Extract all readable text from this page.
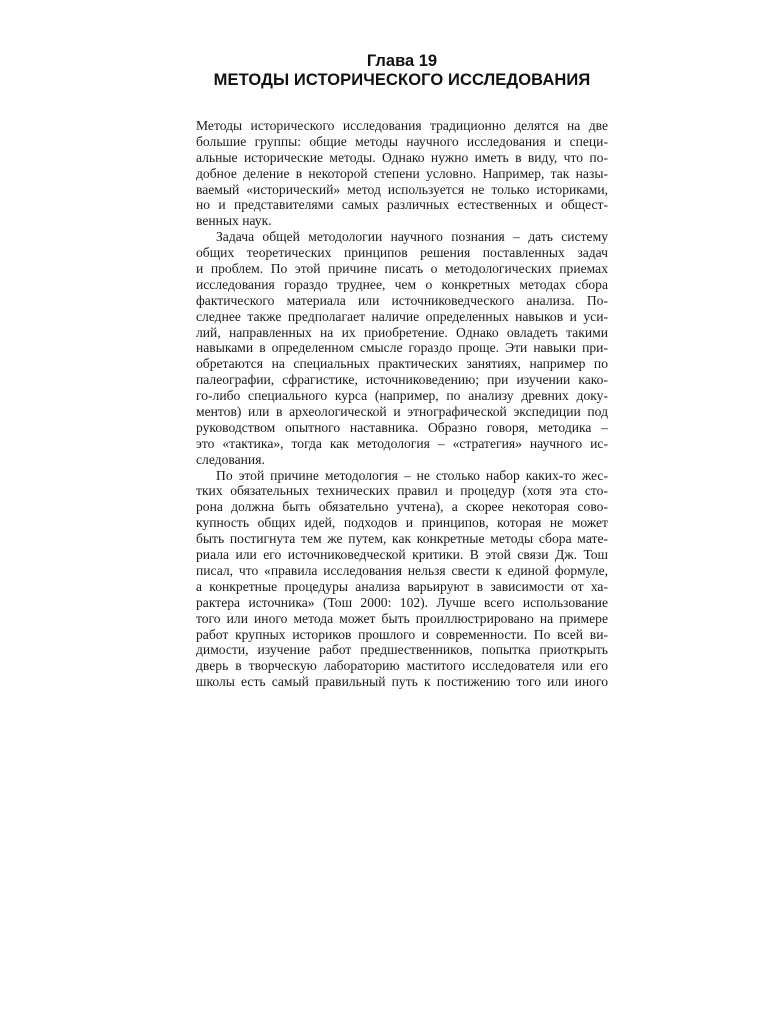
Глава 19
МЕТОДЫ ИСТОРИЧЕСКОГО ИССЛЕДОВАНИЯ
Методы исторического исследования традиционно делятся на две
большие группы: общие методы научного исследования и специ-
альные исторические методы. Однако нужно иметь в виду, что по-
добное деление в некоторой степени условно. Например, так назы-
ваемый «исторический» метод используется не только историками,
но и представителями самых различных естественных и общест-
венных наук.
Задача общей методологии научного познания – дать систему
общих теоретических принципов решения поставленных задач
и проблем. По этой причине писать о методологических приемах
исследования гораздо труднее, чем о конкретных методах сбора
фактического материала или источниковедческого анализа. По-
следнее также предполагает наличие определенных навыков и уси-
лий, направленных на их приобретение. Однако овладеть такими
навыками в определенном смысле гораздо проще. Эти навыки при-
обретаются на специальных практических занятиях, например по
палеографии, сфрагистике, источниковедению; при изучении како-
го-либо специального курса (например, по анализу древних доку-
ментов) или в археологической и этнографической экспедиции под
руководством опытного наставника. Образно говоря, методика –
это «тактика», тогда как методология – «стратегия» научного ис-
следования.
По этой причине методология – не столько набор каких-то жес-
тких обязательных технических правил и процедур (хотя эта сто-
рона должна быть обязательно учтена), а скорее некоторая сово-
купность общих идей, подходов и принципов, которая не может
быть постигнута тем же путем, как конкретные методы сбора мате-
риала или его источниковедческой критики. В этой связи Дж. Тош
писал, что «правила исследования нельзя свести к единой формуле,
а конкретные процедуры анализа варьируют в зависимости от ха-
рактера источника» (Тош 2000: 102). Лучше всего использование
того или иного метода может быть проиллюстрировано на примере
работ крупных историков прошлого и современности. По всей ви-
димости, изучение работ предшественников, попытка приоткрыть
дверь в творческую лабораторию маститого исследователя или его
школы есть самый правильный путь к постижению того или иного
